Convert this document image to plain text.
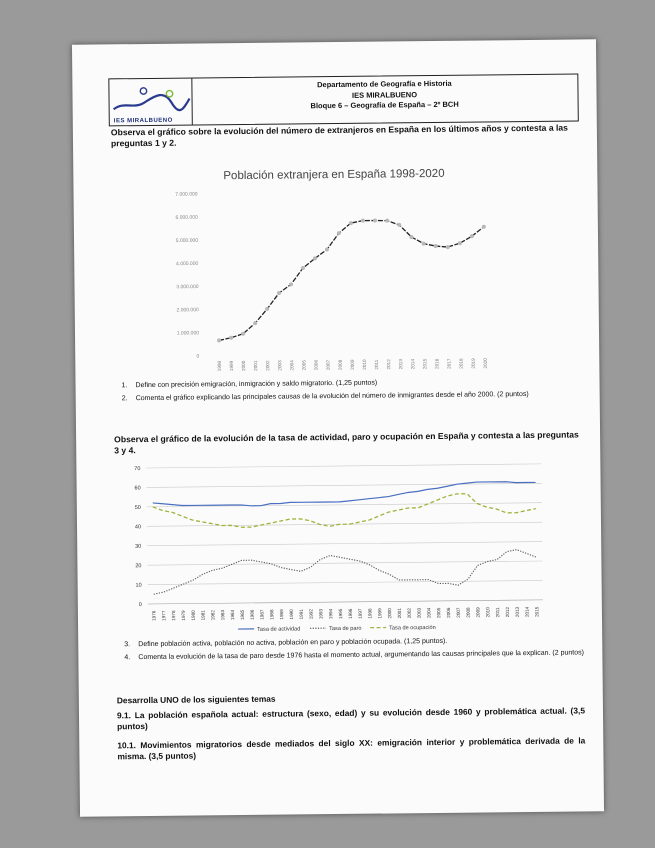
IES MIRALBUENO
Departamento de Geografía e Historia
IES MIRALBUENO
Bloque 6 – Geografía de España – 2º BCH
Observa el gráfico sobre la evolución del número de extranjeros en España en los últimos años y contesta a las preguntas 1 y 2.
Población extranjera en España 1998-2020
0
1.000.000
2.000.000
3.000.000
4.000.000
5.000.000
6.000.000
7.000.000
1998 1999 2000 2001 2002 2003 2004 2005 2006 2007 2008 2009 2010 2011 2012 2013 2014 2015 2016 2017 2018 2019 2020
1. Define con precisión emigración, inmigración y saldo migratorio. (1,25 puntos)
2. Comenta el gráfico explicando las principales causas de la evolución del número de inmigrantes desde el año 2000. (2 puntos)
Observa el gráfico de la evolución de la tasa de actividad, paro y ocupación en España y contesta a las preguntas 3 y 4.
0
10
20
30
40
50
60
70
1976 1977 1978 1979 1980 1981 1982 1983 1984 1985 1986 1987 1988 1989 1990 1991 1992 1993 1994 1995 1996 1997 1998 1999 2000 2001 2002 2003 2004 2005 2006 2007 2008 2009 2010 2011 2012 2013 2014 2015
Tasa de actividad	Tasa de paro	Tasa de ocupación
3. Define población activa, población no activa, población en paro y población ocupada. (1,25 puntos).
4. Comenta la evolución de la tasa de paro desde 1976 hasta el momento actual, argumentando las causas principales que la explican. (2 puntos)
Desarrolla UNO de los siguientes temas
9.1. La población española actual: estructura (sexo, edad) y su evolución desde 1960 y problemática actual. (3,5 puntos)
10.1. Movimientos migratorios desde mediados del siglo XX: emigración interior y problemática derivada de la misma. (3,5 puntos)
